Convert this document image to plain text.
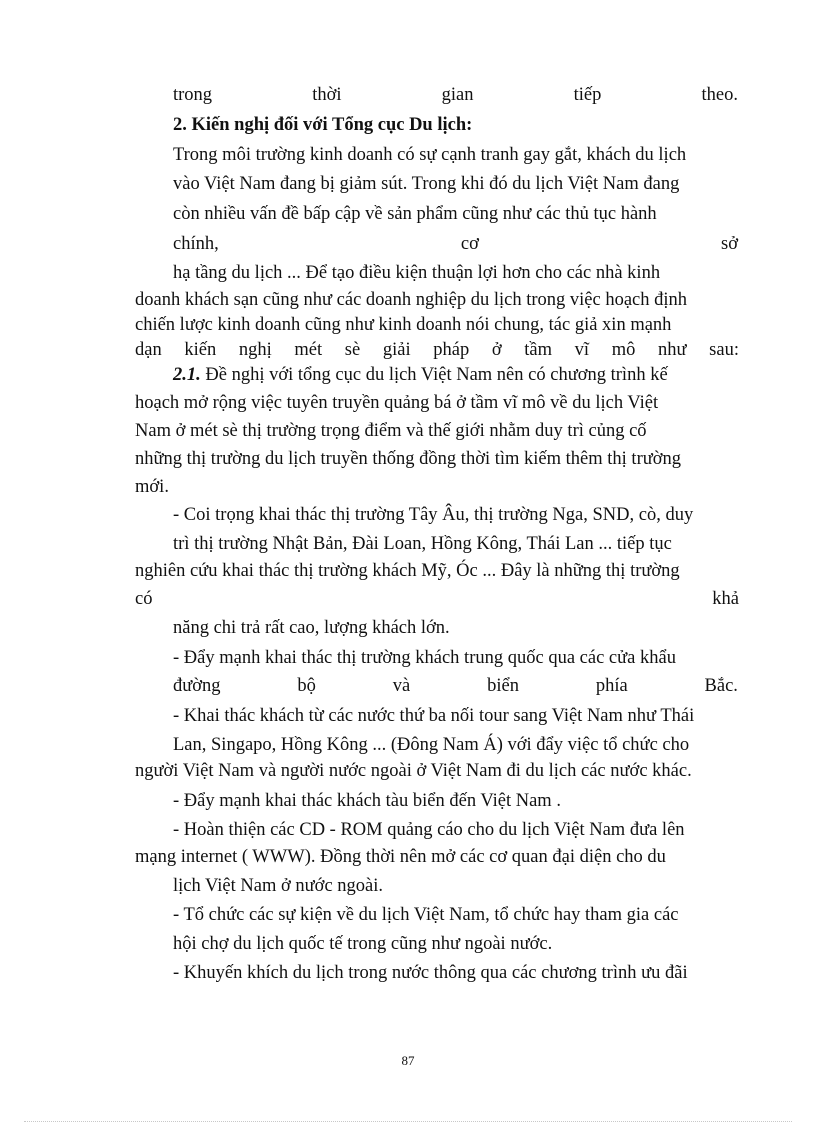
trong	thời	gian	tiếp	theo.
2. Kiến nghị đối với Tổng cục Du lịch:
Trong môi trường kinh doanh có sự cạnh tranh gay gắt, khách du lịch
vào Việt Nam đang bị giảm sút. Trong khi đó du lịch Việt Nam đang
còn nhiều vấn đề bấp cập về sản phẩm cũng như các thủ tục hành
chính,	cơ	sở
hạ tầng du lịch ... Để tạo điều kiện thuận lợi hơn cho các nhà kinh
doanh khách sạn cũng như các doanh nghiệp du lịch trong việc hoạch định
chiến lược kinh doanh cũng như kinh doanh nói chung, tác giả xin mạnh
dạn kiến nghị mét sè giải pháp ở tầm vĩ mô như sau:
2.1. Đề nghị với tổng cục du lịch Việt Nam nên có chương trình kế
hoạch mở rộng việc tuyên truyền quảng bá ở tầm vĩ mô về du lịch Việt
Nam ở mét sè thị trường trọng điểm và thế giới nhằm duy trì củng cố
những thị trường du lịch truyền thống đồng thời tìm kiếm thêm thị trường
mới.
- Coi trọng khai thác thị trường Tây Âu, thị trường Nga, SND, cò, duy
trì thị trường Nhật Bản, Đài Loan, Hồng Kông, Thái Lan ... tiếp tục
nghiên cứu khai thác thị trường khách Mỹ, Óc ... Đây là những thị trường
có	khả
năng chi trả rất cao, lượng khách lớn.
- Đẩy mạnh khai thác thị trường khách trung quốc qua các cửa khẩu
đường	bộ	và	biển	phía	Bắc.
- Khai thác khách từ các nước thứ ba nối tour sang Việt Nam như Thái
Lan, Singapo, Hồng Kông ... (Đông Nam Á) với đẩy việc tổ chức cho
người Việt Nam và người nước ngoài ở Việt Nam đi du lịch các nước khác.
- Đẩy mạnh khai thác khách tàu biển đến Việt Nam .
- Hoàn thiện các CD - ROM quảng cáo cho du lịch Việt Nam đưa lên
mạng internet ( WWW). Đồng thời nên mở các cơ quan đại diện cho du
lịch Việt Nam ở nước ngoài.
- Tổ chức các sự kiện về du lịch Việt Nam, tổ chức hay tham gia các
hội chợ du lịch quốc tế trong cũng như ngoài nước.
- Khuyến khích du lịch trong nước thông qua các chương trình ưu đãi
87
